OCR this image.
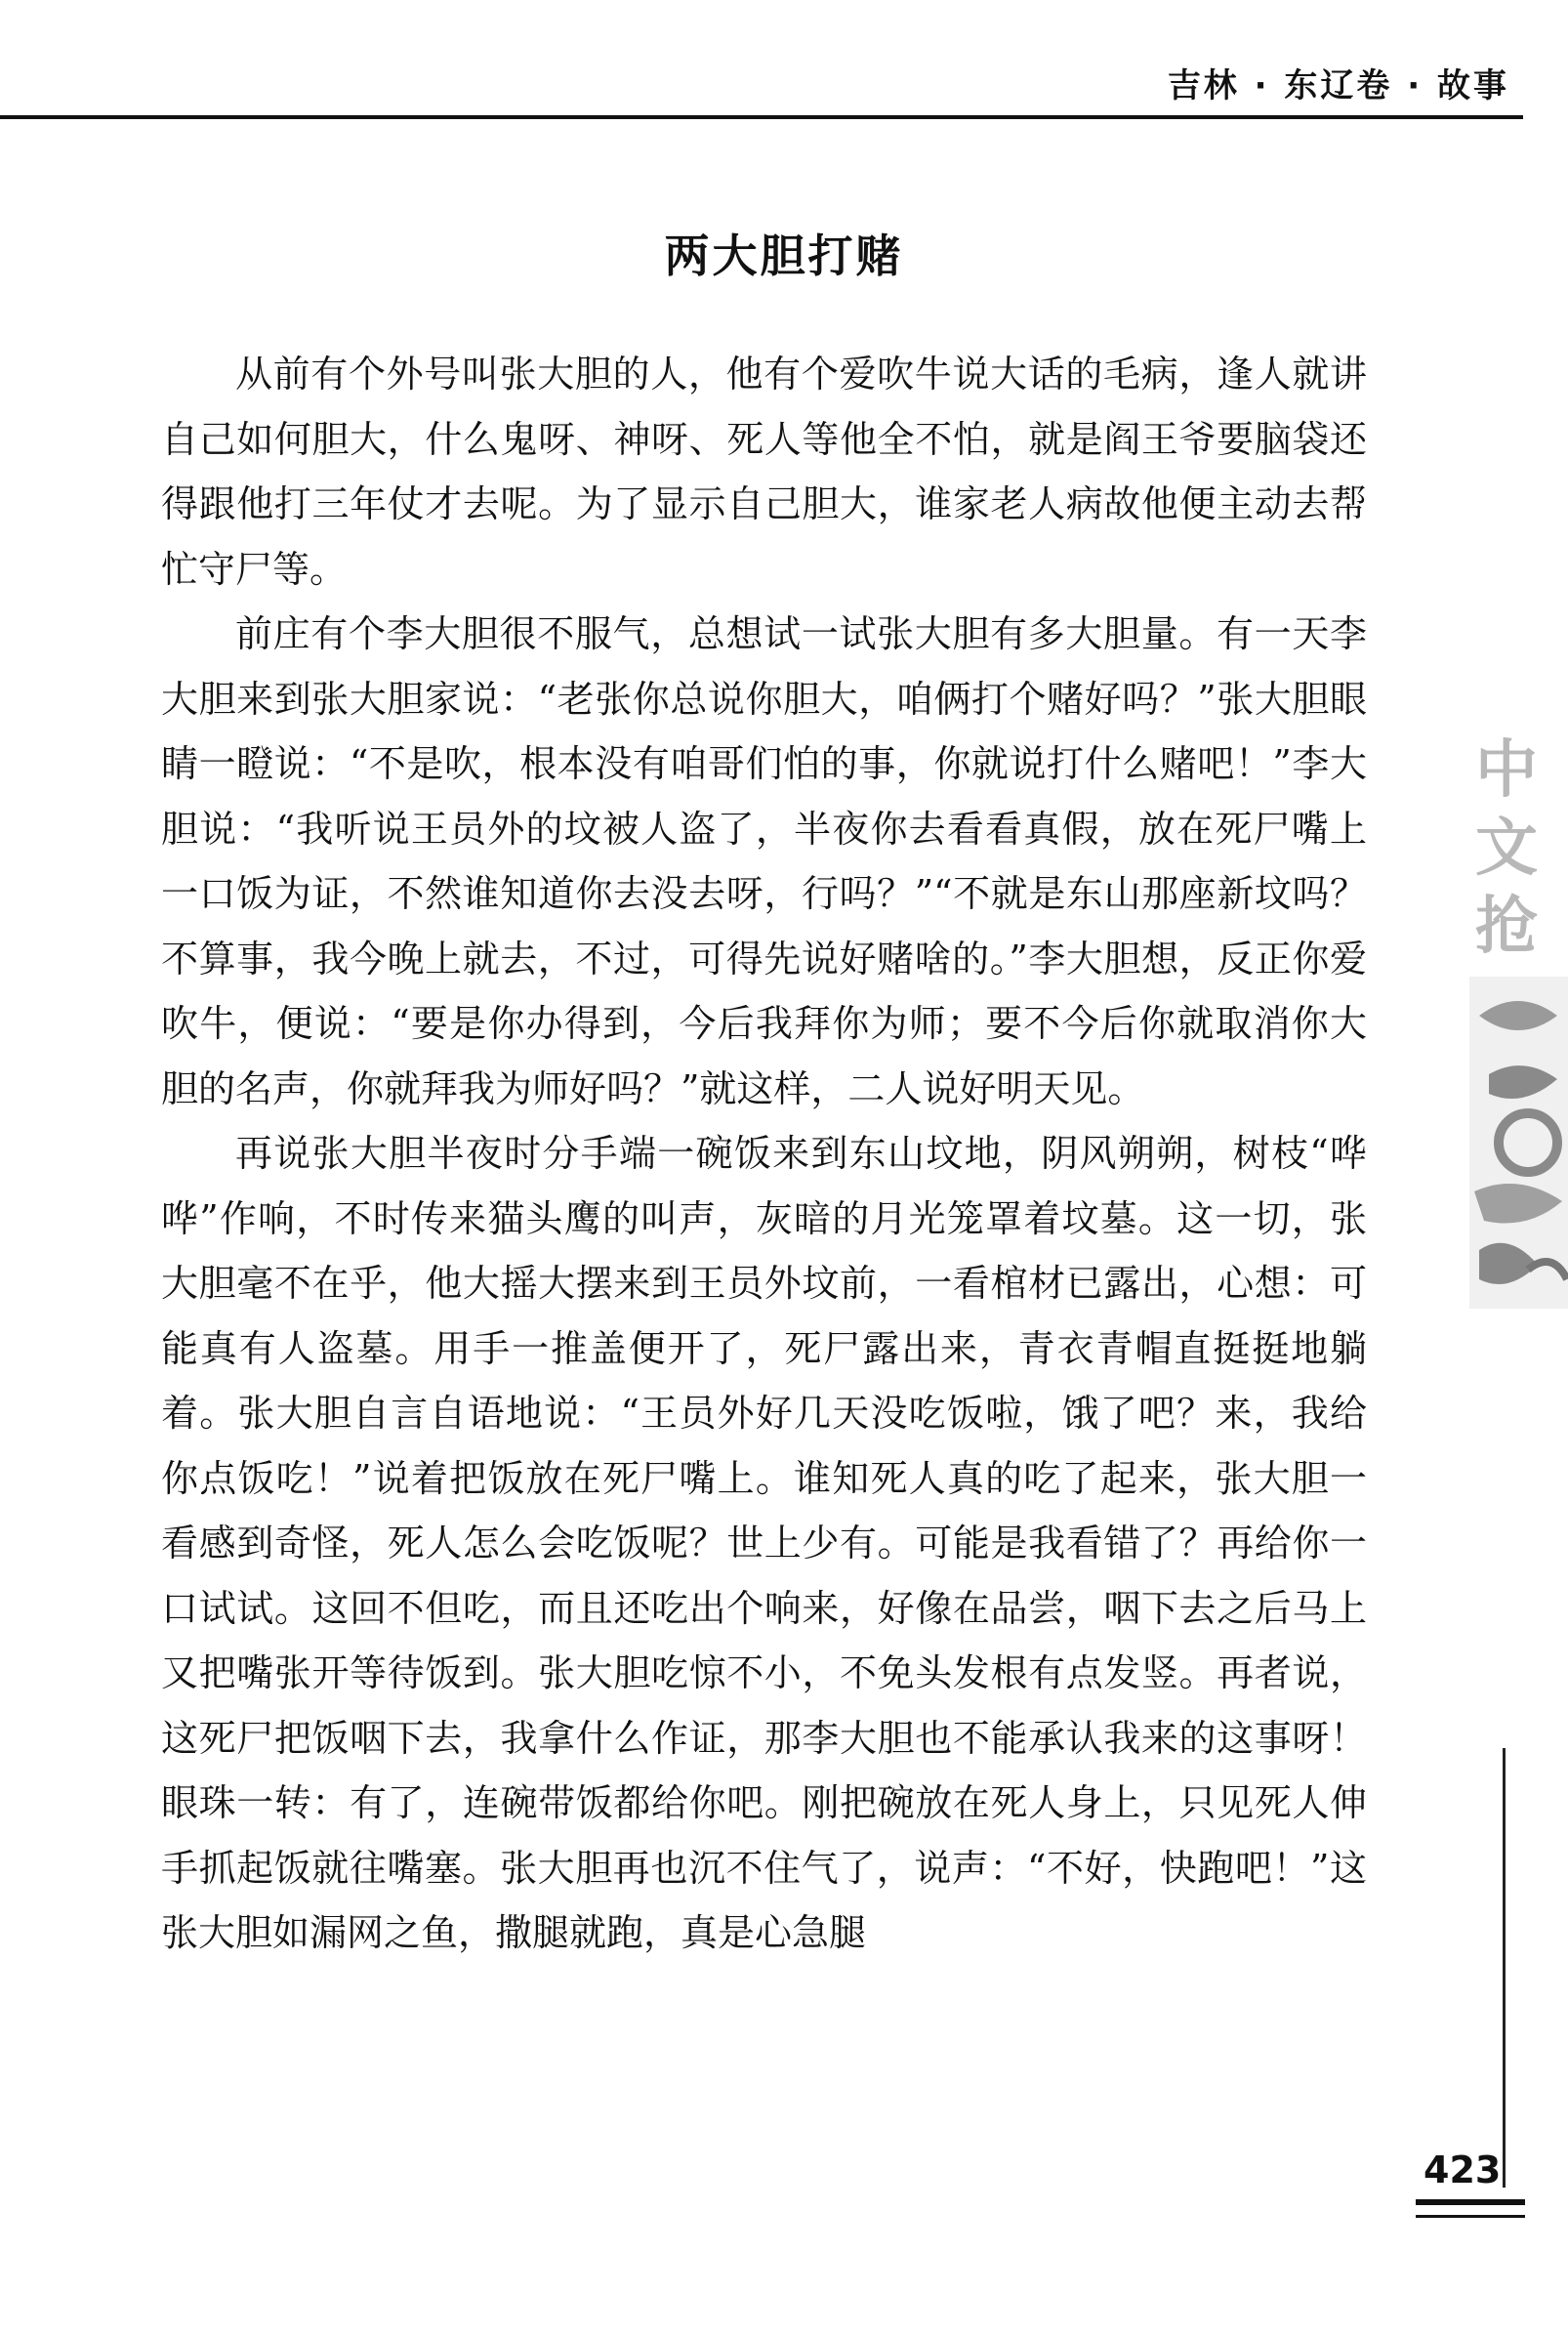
吉林 · 东辽卷 · 故事
两大胆打赌

从前有个外号叫张大胆的人，他有个爱吹牛说大话的毛病，逢人就讲自己如何胆大，什么鬼呀、神呀、死人等他全不怕，就是阎王爷要脑袋还得跟他打三年仗才去呢。为了显示自己胆大，谁家老人病故他便主动去帮忙守尸等。

前庄有个李大胆很不服气，总想试一试张大胆有多大胆量。有一天李大胆来到张大胆家说：“老张你总说你胆大，咱俩打个赌好吗？”张大胆眼睛一瞪说：“不是吹，根本没有咱哥们怕的事，你就说打什么赌吧！”李大胆说：“我听说王员外的坟被人盗了，半夜你去看看真假，放在死尸嘴上一口饭为证，不然谁知道你去没去呀，行吗？”“不就是东山那座新坟吗？不算事，我今晚上就去，不过，可得先说好赌啥的。”李大胆想，反正你爱吹牛，便说：“要是你办得到，今后我拜你为师；要不今后你就取消你大胆的名声，你就拜我为师好吗？”就这样，二人说好明天见。

再说张大胆半夜时分手端一碗饭来到东山坟地，阴风朔朔，树枝“哗哗”作响，不时传来猫头鹰的叫声，灰暗的月光笼罩着坟墓。这一切，张大胆毫不在乎，他大摇大摆来到王员外坟前，一看棺材已露出，心想：可能真有人盗墓。用手一推盖便开了，死尸露出来，青衣青帽直挺挺地躺着。张大胆自言自语地说：“王员外好几天没吃饭啦，饿了吧？来，我给你点饭吃！”说着把饭放在死尸嘴上。谁知死人真的吃了起来，张大胆一看感到奇怪，死人怎么会吃饭呢？世上少有。可能是我看错了？再给你一口试试。这回不但吃，而且还吃出个响来，好像在品尝，咽下去之后马上又把嘴张开等待饭到。张大胆吃惊不小，不免头发根有点发竖。再者说，这死尸把饭咽下去，我拿什么作证，那李大胆也不能承认我来的这事呀！眼珠一转：有了，连碗带饭都给你吧。刚把碗放在死人身上，只见死人伸手抓起饭就往嘴塞。张大胆再也沉不住气了，说声：“不好，快跑吧！”这张大胆如漏网之鱼，撒腿就跑，真是心急腿

中
文
抢
423
